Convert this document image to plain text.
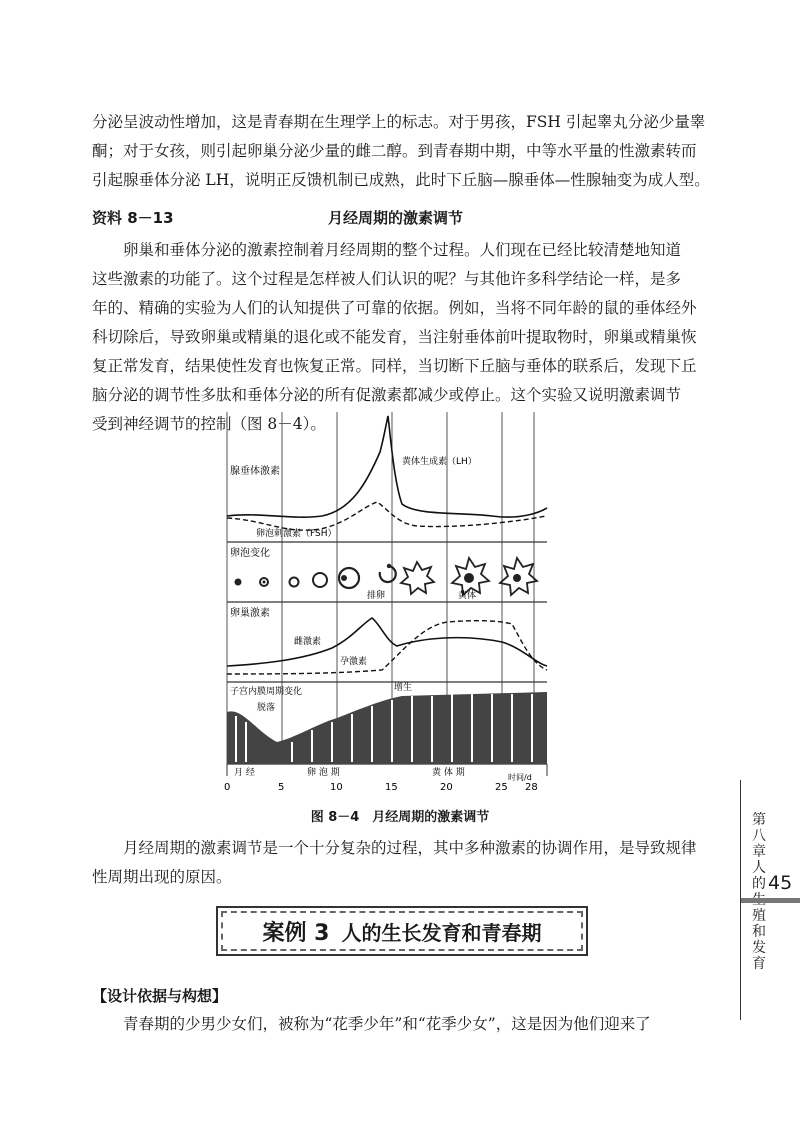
分泌呈波动性增加，这是青春期在生理学上的标志。对于男孩，FSH 引起睾丸分泌少量睾
酮；对于女孩，则引起卵巢分泌少量的雌二醇。到青春期中期，中等水平量的性激素转而
引起腺垂体分泌 LH，说明正反馈机制已成熟，此时下丘脑—腺垂体—性腺轴变为成人型。
资料 8－13	月经周期的激素调节
卵巢和垂体分泌的激素控制着月经周期的整个过程。人们现在已经比较清楚地知道
这些激素的功能了。这个过程是怎样被人们认识的呢？与其他许多科学结论一样，是多
年的、精确的实验为人们的认知提供了可靠的依据。例如，当将不同年龄的鼠的垂体经外
科切除后，导致卵巢或精巢的退化或不能发育，当注射垂体前叶提取物时，卵巢或精巢恢
复正常发育，结果使性发育也恢复正常。同样，当切断下丘脑与垂体的联系后，发现下丘
脑分泌的调节性多肽和垂体分泌的所有促激素都减少或停止。这个实验又说明激素调节
受到神经调节的控制（图 8－4）。
腺垂体激素
黄体生成素（LH）
卵泡刺激素（FSH）
卵泡变化
排卵	黄体
卵巢激素
雌激素
孕激素
子宫内膜周期变化
脱落
增生
月 经	卵 泡 期	黄 体 期
0	5	10	15	20	25 28
时间/d
图 8－4　月经周期的激素调节
月经周期的激素调节是一个十分复杂的过程，其中多种激素的协调作用，是导致规律
性周期出现的原因。
案例 3 人的生长发育和青春期
【设计依据与构想】
青春期的少男少女们，被称为“花季少年”和“花季少女”，这是因为他们迎来了
第八章　人的 殖和发育
45
